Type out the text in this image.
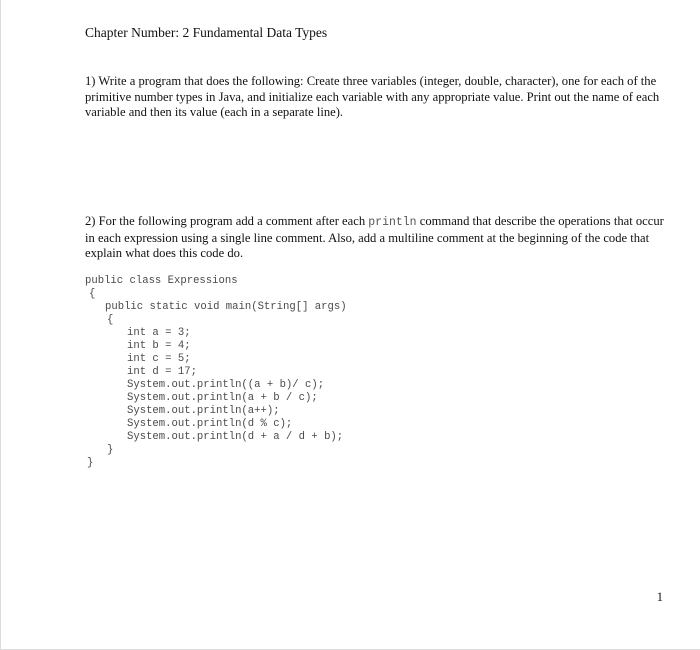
Chapter Number: 2 Fundamental Data Types
1) Write a program that does the following: Create three variables (integer, double, character), one for each of the primitive number types in Java, and initialize each variable with any appropriate value. Print out the name of each variable and then its value (each in a separate line).
2) For the following program add a comment after each println command that describe the operations that occur in each expression using a single line comment. Also, add a multiline comment at the beginning of the code that explain what does this code do.
public class Expressions
{
public static void main(String[] args)
{
int a = 3;
int b = 4;
int c = 5;
int d = 17;
System.out.println((a + b)/ c);
System.out.println(a + b / c);
System.out.println(a++);
System.out.println(d % c);
System.out.println(d + a / d + b);
}
}
1
